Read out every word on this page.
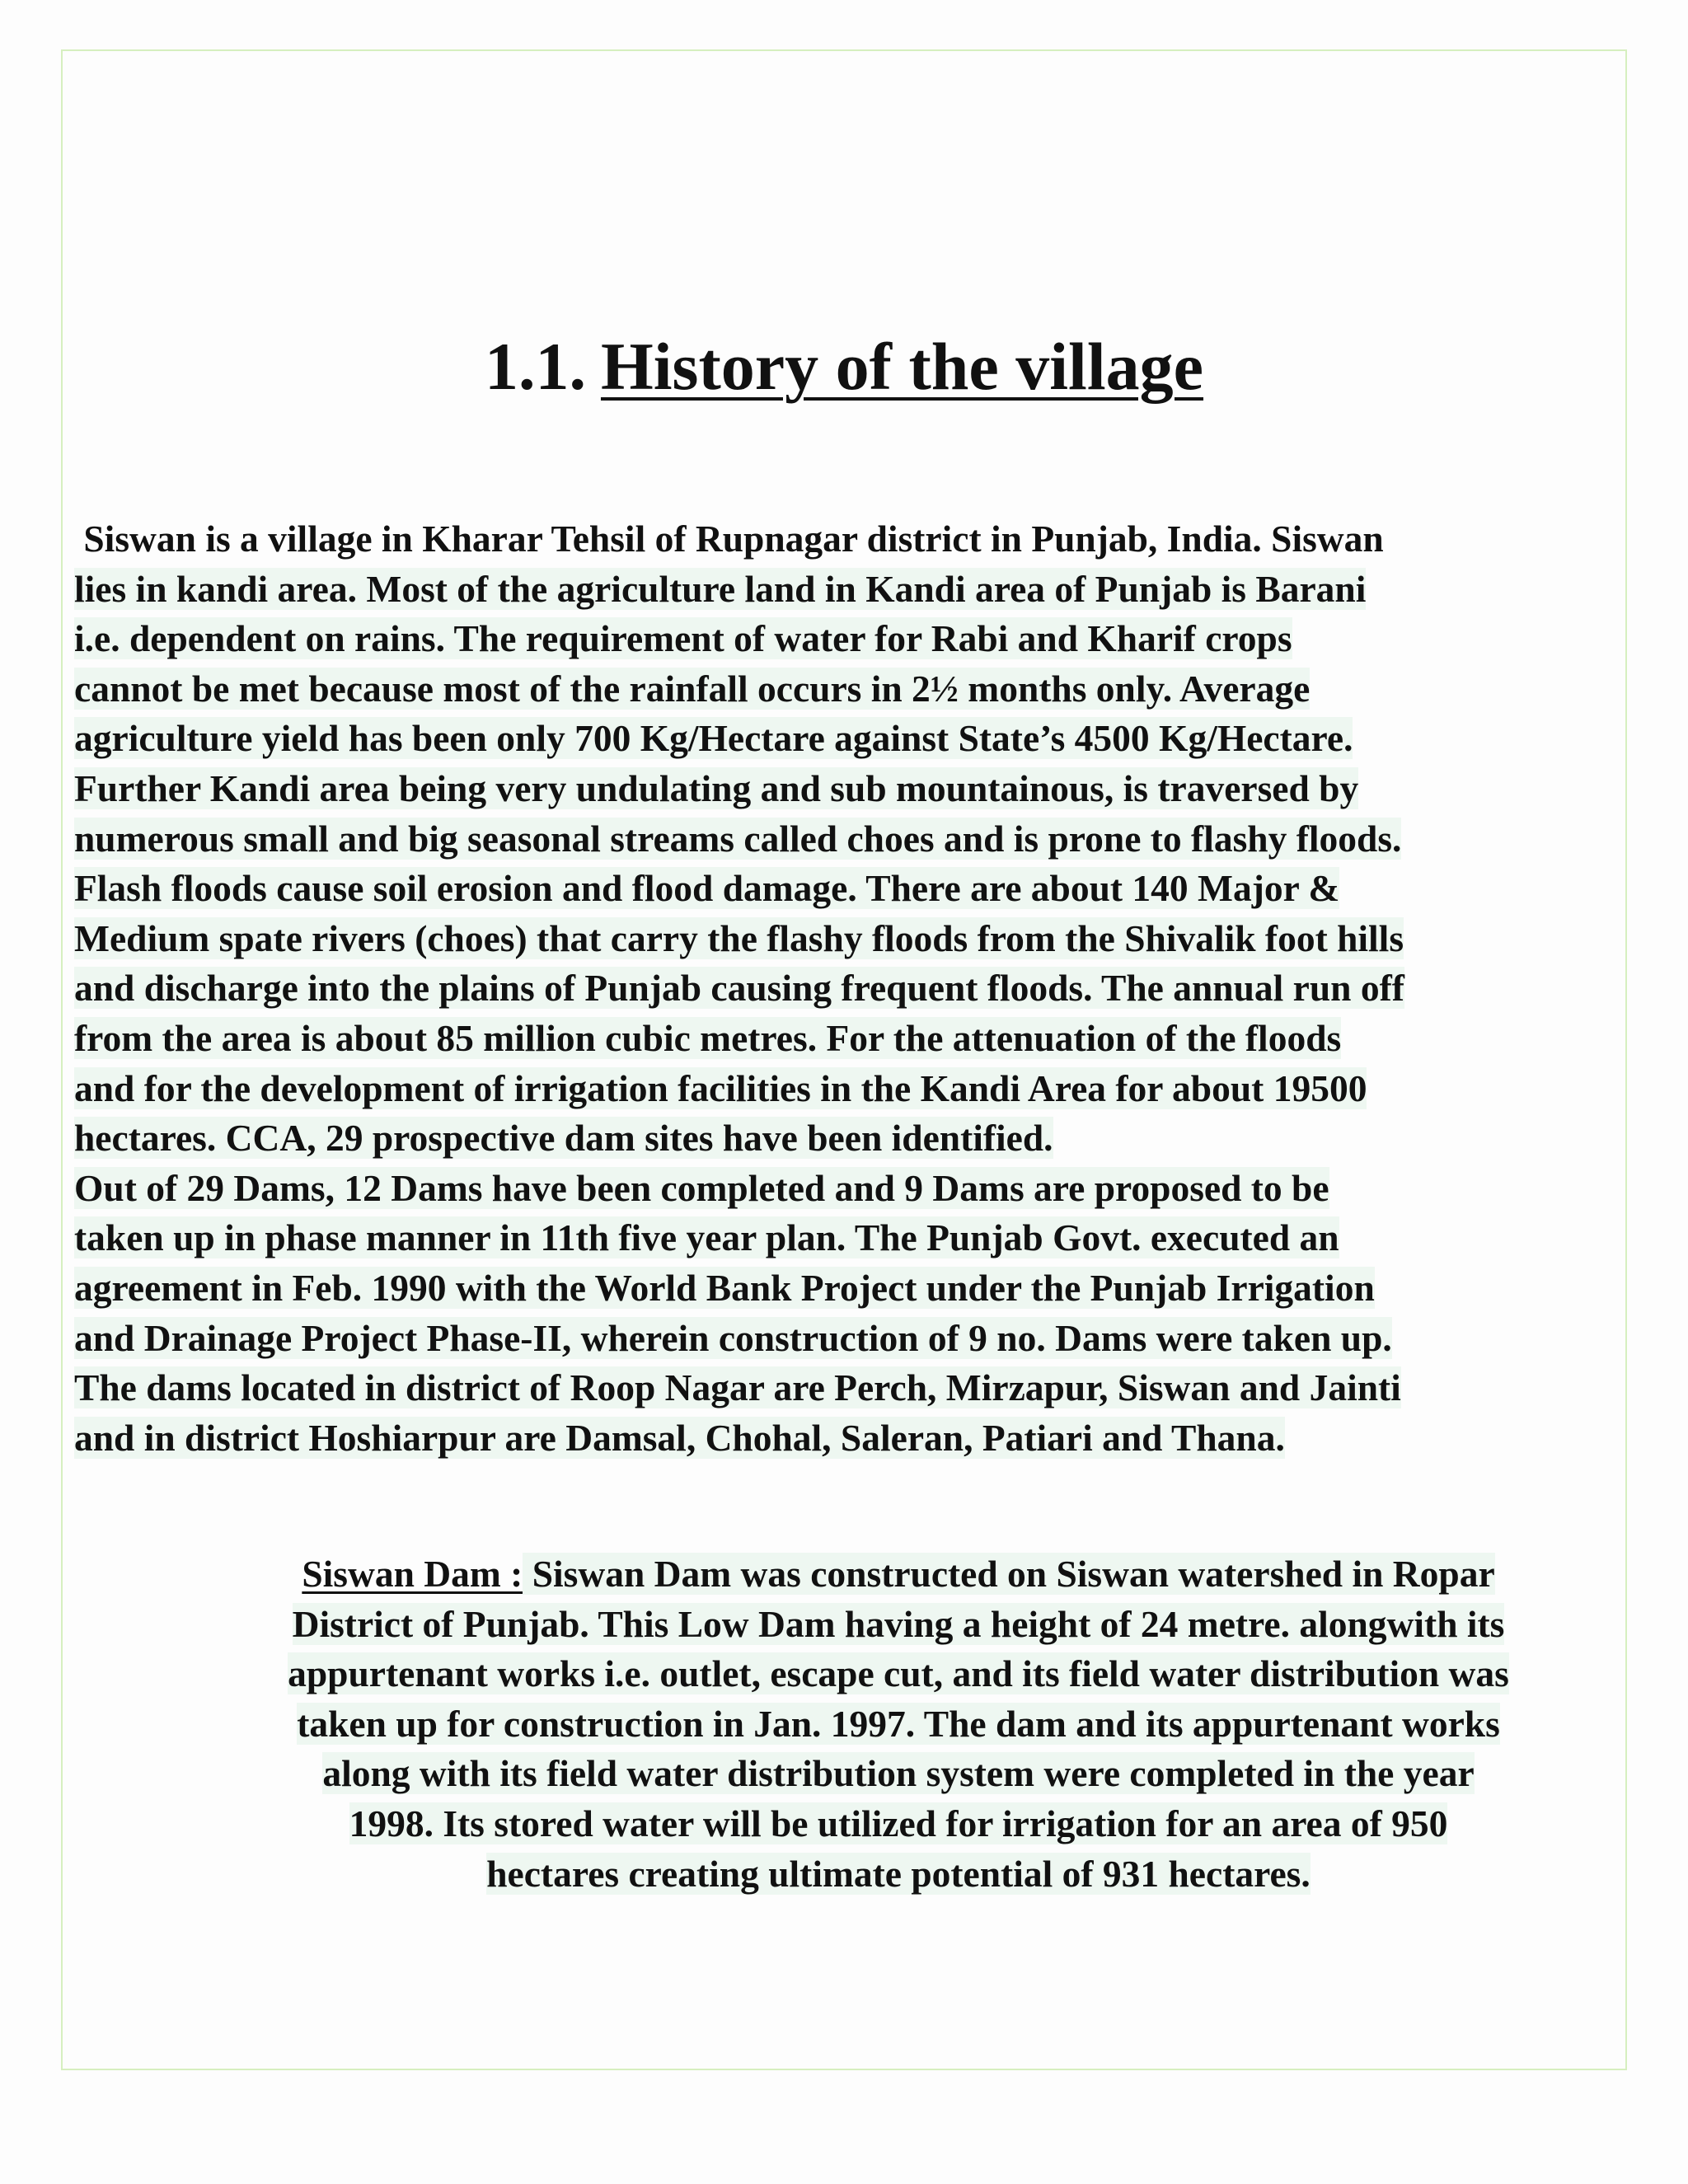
1.1. History of the village
Siswan is a village in Kharar Tehsil of Rupnagar district in Punjab, India. Siswan
lies in kandi area. Most of the agriculture land in Kandi area of Punjab is Barani
i.e. dependent on rains. The requirement of water for Rabi and Kharif crops
cannot be met because most of the rainfall occurs in 2½ months only. Average
agriculture yield has been only 700 Kg/Hectare against State’s 4500 Kg/Hectare.
Further Kandi area being very undulating and sub mountainous, is traversed by
numerous small and big seasonal streams called choes and is prone to flashy floods.
Flash floods cause soil erosion and flood damage. There are about 140 Major &
Medium spate rivers (choes) that carry the flashy floods from the Shivalik foot hills
and discharge into the plains of Punjab causing frequent floods. The annual run off
from the area is about 85 million cubic metres. For the attenuation of the floods
and for the development of irrigation facilities in the Kandi Area for about 19500
hectares. CCA, 29 prospective dam sites have been identified.
Out of 29 Dams, 12 Dams have been completed and 9 Dams are proposed to be
taken up in phase manner in 11th five year plan. The Punjab Govt. executed an
agreement in Feb. 1990 with the World Bank Project under the Punjab Irrigation
and Drainage Project Phase-II, wherein construction of 9 no. Dams were taken up.
The dams located in district of Roop Nagar are Perch, Mirzapur, Siswan and Jainti
and in district Hoshiarpur are Damsal, Chohal, Saleran, Patiari and Thana.
Siswan Dam : Siswan Dam was constructed on Siswan watershed in Ropar
District of Punjab. This Low Dam having a height of 24 metre. alongwith its
appurtenant works i.e. outlet, escape cut, and its field water distribution was
taken up for construction in Jan. 1997. The dam and its appurtenant works
along with its field water distribution system were completed in the year
1998. Its stored water will be utilized for irrigation for an area of 950
hectares creating ultimate potential of 931 hectares.
